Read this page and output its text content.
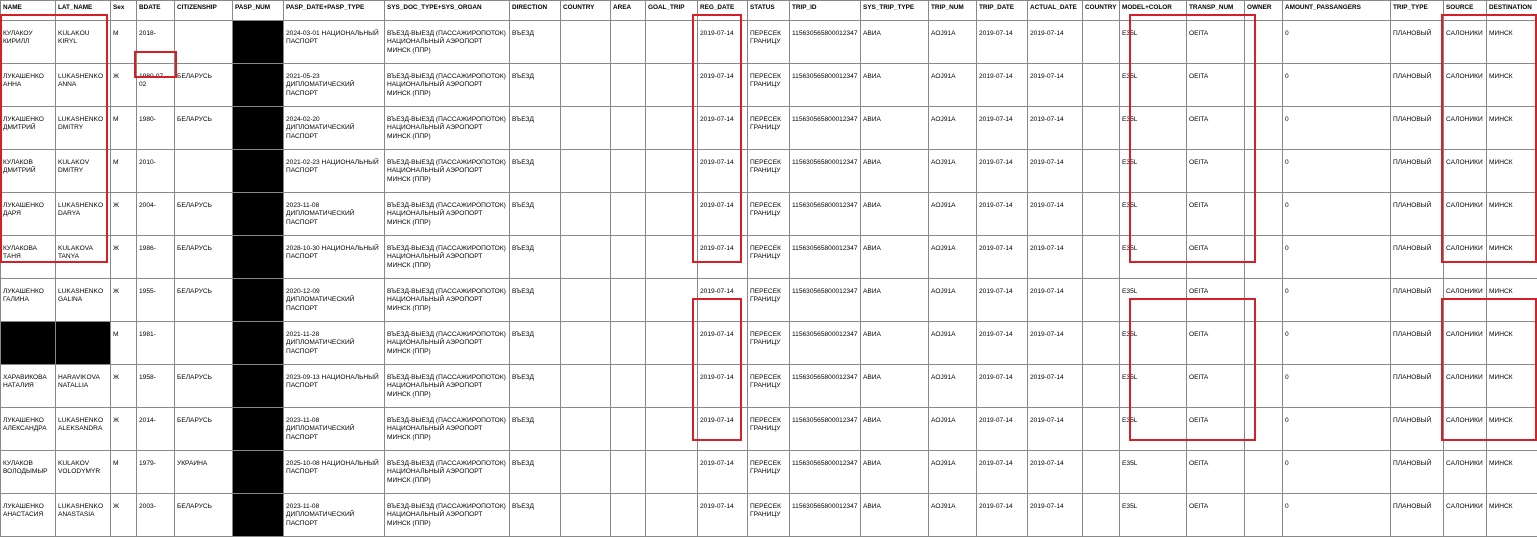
NAME	LAT_NAME	Sex	BDATE	CITIZENSHIP	PASP_NUM	PASP_DATE+PASP_TYPE	SYS_DOC_TYPE+SYS_ORGAN	DIRECTION	COUNTRY	AREA	GOAL_TRIP	REG_DATE	STATUS	TRIP_ID	SYS_TRIP_TYPE	TRIP_NUM	TRIP_DATE	ACTUAL_DATE	COUNTRY	MODEL+COLOR	TRANSP_NUM	OWNER	AMOUNT_PASSANGERS	TRIP_TYPE	SOURCE	DESTINATION
КУЛАКОУ КИРИЛЛ	KULAKOU KIRYL	М	2018-			2024-03-01 НАЦИОНАЛЬНЫЙ ПАСПОРТ	ВЪЕЗД-ВЫЕЗД (ПАССАЖИРОПОТОК) НАЦИОНАЛЬНЫЙ АЭРОПОРТ МИНСК (ППР)	ВЪЕЗД				2019-07-14	ПЕРЕСЕК ГРАНИЦУ	115630565800012347	АВИА	AOJ91A	2019-07-14	2019-07-14		E35L	OEITA		0	ПЛАНОВЫЙ	САЛОНИКИ	МИНСК
ЛУКАШЕНКО АННА	LUKASHENKO ANNA	Ж	1980-07-02	БЕЛАРУСЬ		2021-05-23 ДИПЛОМАТИЧЕСКИЙ ПАСПОРТ	ВЪЕЗД-ВЫЕЗД (ПАССАЖИРОПОТОК) НАЦИОНАЛЬНЫЙ АЭРОПОРТ МИНСК (ППР)	ВЪЕЗД				2019-07-14	ПЕРЕСЕК ГРАНИЦУ	115630565800012347	АВИА	AOJ91A	2019-07-14	2019-07-14		E35L	OEITA		0	ПЛАНОВЫЙ	САЛОНИКИ	МИНСК
ЛУКАШЕНКО ДМИТРИЙ	LUKASHENKO DMITRY	М	1980-	БЕЛАРУСЬ		2024-02-20 ДИПЛОМАТИЧЕСКИЙ ПАСПОРТ	ВЪЕЗД-ВЫЕЗД (ПАССАЖИРОПОТОК) НАЦИОНАЛЬНЫЙ АЭРОПОРТ МИНСК (ППР)	ВЪЕЗД				2019-07-14	ПЕРЕСЕК ГРАНИЦУ	115630565800012347	АВИА	AOJ91A	2019-07-14	2019-07-14		E35L	OEITA		0	ПЛАНОВЫЙ	САЛОНИКИ	МИНСК
КУЛАКОВ ДМИТРИЙ	KULAKOV DMITRY	М	2010-			2021-02-23 НАЦИОНАЛЬНЫЙ ПАСПОРТ	ВЪЕЗД-ВЫЕЗД (ПАССАЖИРОПОТОК) НАЦИОНАЛЬНЫЙ АЭРОПОРТ МИНСК (ППР)	ВЪЕЗД				2019-07-14	ПЕРЕСЕК ГРАНИЦУ	115630565800012347	АВИА	AOJ91A	2019-07-14	2019-07-14		E35L	OEITA		0	ПЛАНОВЫЙ	САЛОНИКИ	МИНСК
ЛУКАШЕНКО ДАРЯ	LUKASHENKO DARYA	Ж	2004-	БЕЛАРУСЬ		2023-11-08 ДИПЛОМАТИЧЕСКИЙ ПАСПОРТ	ВЪЕЗД-ВЫЕЗД (ПАССАЖИРОПОТОК) НАЦИОНАЛЬНЫЙ АЭРОПОРТ МИНСК (ППР)	ВЪЕЗД				2019-07-14	ПЕРЕСЕК ГРАНИЦУ	115630565800012347	АВИА	AOJ91A	2019-07-14	2019-07-14		E35L	OEITA		0	ПЛАНОВЫЙ	САЛОНИКИ	МИНСК
КУЛАКОВА ТАНЯ	KULAKOVA TANYA	Ж	1986-	БЕЛАРУСЬ		2028-10-30 НАЦИОНАЛЬНЫЙ ПАСПОРТ	ВЪЕЗД-ВЫЕЗД (ПАССАЖИРОПОТОК) НАЦИОНАЛЬНЫЙ АЭРОПОРТ МИНСК (ППР)	ВЪЕЗД				2019-07-14	ПЕРЕСЕК ГРАНИЦУ	115630565800012347	АВИА	AOJ91A	2019-07-14	2019-07-14		E35L	OEITA		0	ПЛАНОВЫЙ	САЛОНИКИ	МИНСК
ЛУКАШЕНКО ГАЛИНА	LUKASHENKO GALINA	Ж	1955-	БЕЛАРУСЬ		2020-12-09 ДИПЛОМАТИЧЕСКИЙ ПАСПОРТ	ВЪЕЗД-ВЫЕЗД (ПАССАЖИРОПОТОК) НАЦИОНАЛЬНЫЙ АЭРОПОРТ МИНСК (ППР)	ВЪЕЗД				2019-07-14	ПЕРЕСЕК ГРАНИЦУ	115630565800012347	АВИА	AOJ91A	2019-07-14	2019-07-14		E35L	OEITA		0	ПЛАНОВЫЙ	САЛОНИКИ	МИНСК
		М	1981-			2021-11-28 ДИПЛОМАТИЧЕСКИЙ ПАСПОРТ	ВЪЕЗД-ВЫЕЗД (ПАССАЖИРОПОТОК) НАЦИОНАЛЬНЫЙ АЭРОПОРТ МИНСК (ППР)	ВЪЕЗД				2019-07-14	ПЕРЕСЕК ГРАНИЦУ	115630565800012347	АВИА	AOJ91A	2019-07-14	2019-07-14		E35L	OEITA		0	ПЛАНОВЫЙ	САЛОНИКИ	МИНСК
ХАРАВИКОВА НАТАЛИЯ	HARAVIKOVA NATALLIA	Ж	1958-	БЕЛАРУСЬ		2023-09-13 НАЦИОНАЛЬНЫЙ ПАСПОРТ	ВЪЕЗД-ВЫЕЗД (ПАССАЖИРОПОТОК) НАЦИОНАЛЬНЫЙ АЭРОПОРТ МИНСК (ППР)	ВЪЕЗД				2019-07-14	ПЕРЕСЕК ГРАНИЦУ	115630565800012347	АВИА	AOJ91A	2019-07-14	2019-07-14		E35L	OEITA		0	ПЛАНОВЫЙ	САЛОНИКИ	МИНСК
ЛУКАШЕНКО АЛЕКСАНДРА	LUKASHENKO ALEKSANDRA	Ж	2014-	БЕЛАРУСЬ		2023-11-08 ДИПЛОМАТИЧЕСКИЙ ПАСПОРТ	ВЪЕЗД-ВЫЕЗД (ПАССАЖИРОПОТОК) НАЦИОНАЛЬНЫЙ АЭРОПОРТ МИНСК (ППР)	ВЪЕЗД				2019-07-14	ПЕРЕСЕК ГРАНИЦУ	115630565800012347	АВИА	AOJ91A	2019-07-14	2019-07-14		E35L	OEITA		0	ПЛАНОВЫЙ	САЛОНИКИ	МИНСК
КУЛАКОВ ВОЛОДЫМЫР	KULAKOV VOLODYMYR	М	1979-	УКРАИНА		2025-10-08 НАЦИОНАЛЬНЫЙ ПАСПОРТ	ВЪЕЗД-ВЫЕЗД (ПАССАЖИРОПОТОК) НАЦИОНАЛЬНЫЙ АЭРОПОРТ МИНСК (ППР)	ВЪЕЗД				2019-07-14	ПЕРЕСЕК ГРАНИЦУ	115630565800012347	АВИА	AOJ91A	2019-07-14	2019-07-14		E35L	OEITA		0	ПЛАНОВЫЙ	САЛОНИКИ	МИНСК
ЛУКАШЕНКО АНАСТАСИЯ	LUKASHENKO ANASTASIA	Ж	2003-	БЕЛАРУСЬ		2023-11-08 ДИПЛОМАТИЧЕСКИЙ ПАСПОРТ	ВЪЕЗД-ВЫЕЗД (ПАССАЖИРОПОТОК) НАЦИОНАЛЬНЫЙ АЭРОПОРТ МИНСК (ППР)	ВЪЕЗД				2019-07-14	ПЕРЕСЕК ГРАНИЦУ	115630565800012347	АВИА	AOJ91A	2019-07-14	2019-07-14		E35L	OEITA		0	ПЛАНОВЫЙ	САЛОНИКИ	МИНСК
